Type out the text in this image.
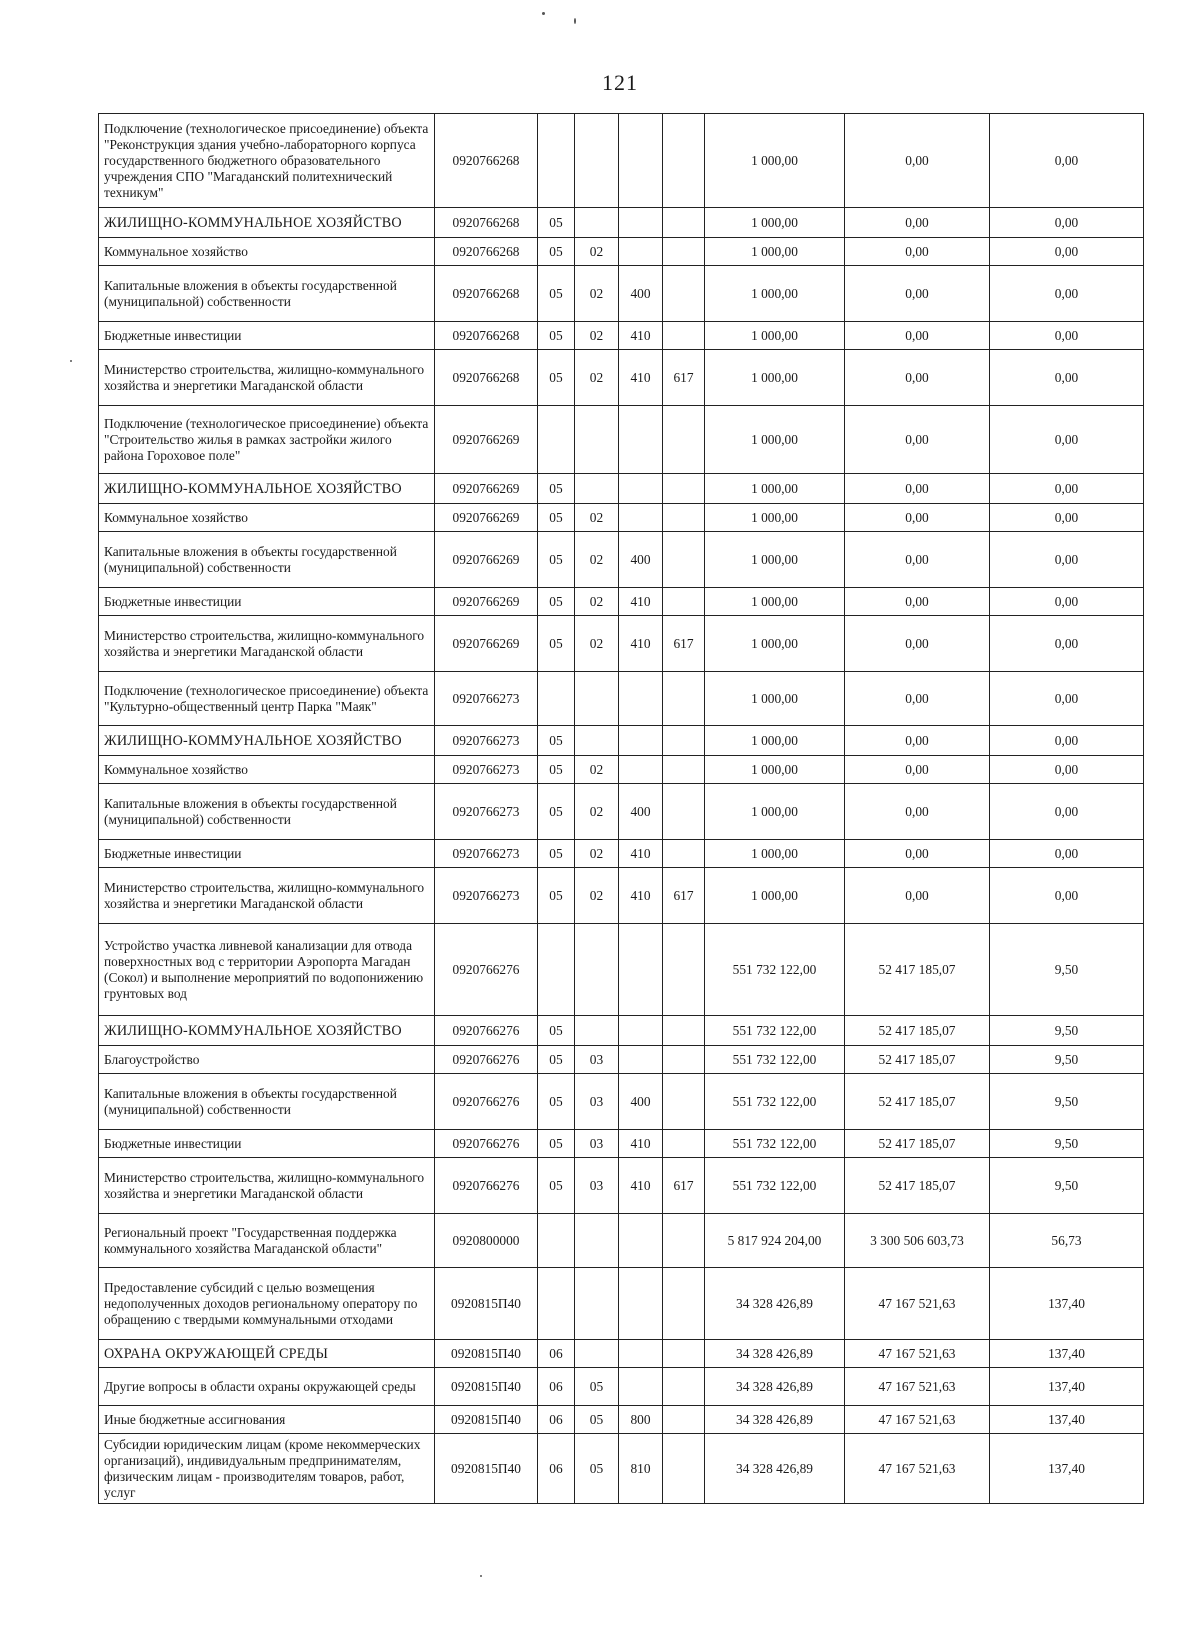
121
Подключение (технологическое присоединение) объекта "Реконструкция здания учебно-лабораторного корпуса государственного бюджетного образовательного учреждения СПО "Магаданский политехнический техникум"	0920766268					1 000,00	0,00	0,00
ЖИЛИЩНО-КОММУНАЛЬНОЕ ХОЗЯЙСТВО	0920766268	05				1 000,00	0,00	0,00
Коммунальное хозяйство	0920766268	05	02			1 000,00	0,00	0,00
Капитальные вложения в объекты государственной (муниципальной) собственности	0920766268	05	02	400		1 000,00	0,00	0,00
Бюджетные инвестиции	0920766268	05	02	410		1 000,00	0,00	0,00
Министерство строительства, жилищно-коммунального хозяйства и энергетики Магаданской области	0920766268	05	02	410	617	1 000,00	0,00	0,00
Подключение (технологическое присоединение) объекта "Строительство жилья в рамках застройки жилого района Гороховое поле"	0920766269					1 000,00	0,00	0,00
ЖИЛИЩНО-КОММУНАЛЬНОЕ ХОЗЯЙСТВО	0920766269	05				1 000,00	0,00	0,00
Коммунальное хозяйство	0920766269	05	02			1 000,00	0,00	0,00
Капитальные вложения в объекты государственной (муниципальной) собственности	0920766269	05	02	400		1 000,00	0,00	0,00
Бюджетные инвестиции	0920766269	05	02	410		1 000,00	0,00	0,00
Министерство строительства, жилищно-коммунального хозяйства и энергетики Магаданской области	0920766269	05	02	410	617	1 000,00	0,00	0,00
Подключение (технологическое присоединение) объекта "Культурно-общественный центр Парка "Маяк"	0920766273					1 000,00	0,00	0,00
ЖИЛИЩНО-КОММУНАЛЬНОЕ ХОЗЯЙСТВО	0920766273	05				1 000,00	0,00	0,00
Коммунальное хозяйство	0920766273	05	02			1 000,00	0,00	0,00
Капитальные вложения в объекты государственной (муниципальной) собственности	0920766273	05	02	400		1 000,00	0,00	0,00
Бюджетные инвестиции	0920766273	05	02	410		1 000,00	0,00	0,00
Министерство строительства, жилищно-коммунального хозяйства и энергетики Магаданской области	0920766273	05	02	410	617	1 000,00	0,00	0,00
Устройство участка ливневой канализации для отвода поверхностных вод с территории Аэропорта Магадан (Сокол) и выполнение мероприятий по водопонижению грунтовых вод	0920766276					551 732 122,00	52 417 185,07	9,50
ЖИЛИЩНО-КОММУНАЛЬНОЕ ХОЗЯЙСТВО	0920766276	05				551 732 122,00	52 417 185,07	9,50
Благоустройство	0920766276	05	03			551 732 122,00	52 417 185,07	9,50
Капитальные вложения в объекты государственной (муниципальной) собственности	0920766276	05	03	400		551 732 122,00	52 417 185,07	9,50
Бюджетные инвестиции	0920766276	05	03	410		551 732 122,00	52 417 185,07	9,50
Министерство строительства, жилищно-коммунального хозяйства и энергетики Магаданской области	0920766276	05	03	410	617	551 732 122,00	52 417 185,07	9,50
Региональный проект "Государственная поддержка коммунального хозяйства Магаданской области"	0920800000					5 817 924 204,00	3 300 506 603,73	56,73
Предоставление субсидий с целью возмещения недополученных доходов региональному оператору по обращению с твердыми коммунальными отходами	0920815П40					34 328 426,89	47 167 521,63	137,40
ОХРАНА ОКРУЖАЮЩЕЙ СРЕДЫ	0920815П40	06				34 328 426,89	47 167 521,63	137,40
Другие вопросы в области охраны окружающей среды	0920815П40	06	05			34 328 426,89	47 167 521,63	137,40
Иные бюджетные ассигнования	0920815П40	06	05	800		34 328 426,89	47 167 521,63	137,40
Субсидии юридическим лицам (кроме некоммерческих организаций), индивидуальным предпринимателям, физическим лицам - производителям товаров, работ, услуг	0920815П40	06	05	810		34 328 426,89	47 167 521,63	137,40
